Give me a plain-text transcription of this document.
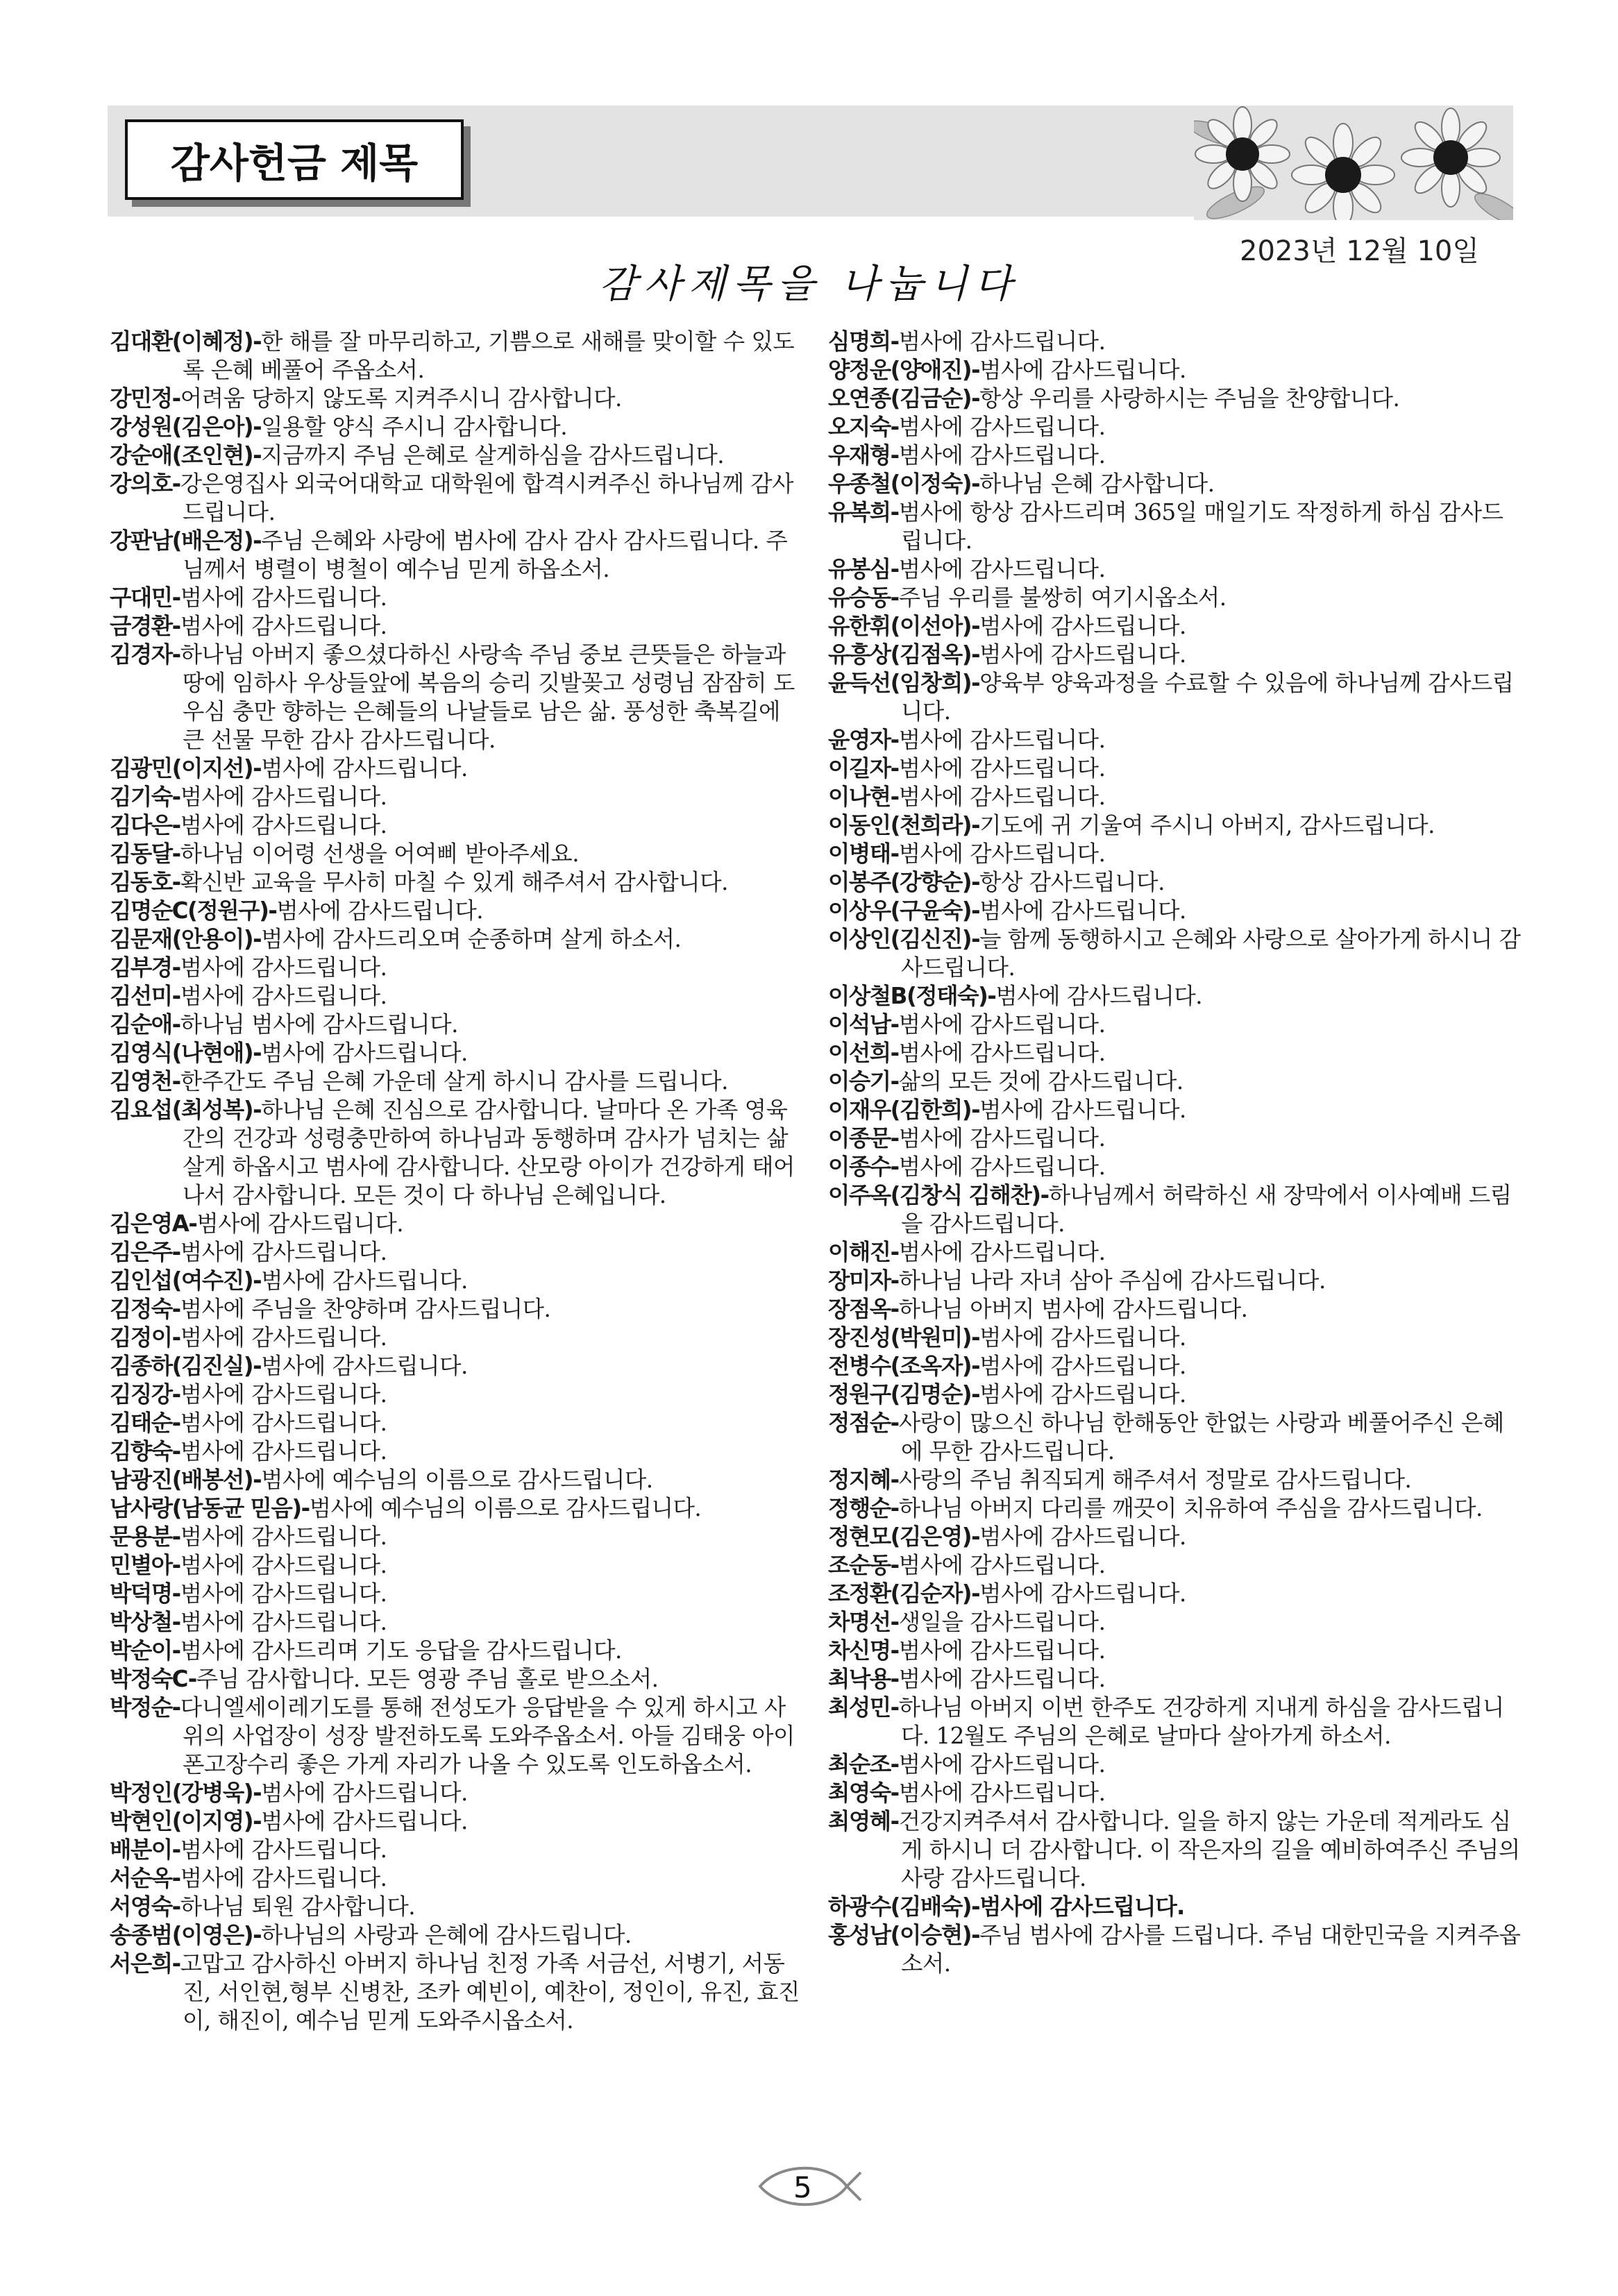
감사헌금 제목
2023년 12월 10일
감사제목을 나눕니다
김대환(이혜정)-한 해를 잘 마무리하고, 기쁨으로 새해를 맞이할 수 있도록 은혜 베풀어 주옵소서.
강민정-어려움 당하지 않도록 지켜주시니 감사합니다.
강성원(김은아)-일용할 양식 주시니 감사합니다.
강순애(조인현)-지금까지 주님 은혜로 살게하심을 감사드립니다.
강의호-강은영집사 외국어대학교 대학원에 합격시켜주신 하나님께 감사드립니다.
강판남(배은정)-주님 은혜와 사랑에 범사에 감사 감사 감사드립니다. 주님께서 병렬이 병철이 예수님 믿게 하옵소서.
구대민-범사에 감사드립니다.
금경환-범사에 감사드립니다.
김경자-하나님 아버지 좋으셨다하신 사랑속 주님 중보 큰뜻들은 하늘과 땅에 임하사 우상들앞에 복음의 승리 깃발꽂고 성령님 잠잠히 도우심 충만 향하는 은혜들의 나날들로 남은 삶. 풍성한 축복길에 큰 선물 무한 감사 감사드립니다.
김광민(이지선)-범사에 감사드립니다.
김기숙-범사에 감사드립니다.
김다은-범사에 감사드립니다.
김동달-하나님 이어령 선생을 어여삐 받아주세요.
김동호-확신반 교육을 무사히 마칠 수 있게 해주셔서 감사합니다.
김명순C(정원구)-범사에 감사드립니다.
김문재(안용이)-범사에 감사드리오며 순종하며 살게 하소서.
김부경-범사에 감사드립니다.
김선미-범사에 감사드립니다.
김순애-하나님 범사에 감사드립니다.
김영식(나현애)-범사에 감사드립니다.
김영천-한주간도 주님 은혜 가운데 살게 하시니 감사를 드립니다.
김요섭(최성복)-하나님 은혜 진심으로 감사합니다. 날마다 온 가족 영육간의 건강과 성령충만하여 하나님과 동행하며 감사가 넘치는 삶 살게 하옵시고 범사에 감사합니다. 산모랑 아이가 건강하게 태어나서 감사합니다. 모든 것이 다 하나님 은혜입니다.
김은영A-범사에 감사드립니다.
김은주-범사에 감사드립니다.
김인섭(여수진)-범사에 감사드립니다.
김정숙-범사에 주님을 찬양하며 감사드립니다.
김정이-범사에 감사드립니다.
김종하(김진실)-범사에 감사드립니다.
김징강-범사에 감사드립니다.
김태순-범사에 감사드립니다.
김향숙-범사에 감사드립니다.
남광진(배봉선)-범사에 예수님의 이름으로 감사드립니다.
남사랑(남동균 믿음)-범사에 예수님의 이름으로 감사드립니다.
문용분-범사에 감사드립니다.
민별아-범사에 감사드립니다.
박덕명-범사에 감사드립니다.
박상철-범사에 감사드립니다.
박순이-범사에 감사드리며 기도 응답을 감사드립니다.
박정숙C-주님 감사합니다. 모든 영광 주님 홀로 받으소서.
박정순-다니엘세이레기도를 통해 전성도가 응답받을 수 있게 하시고 사위의 사업장이 성장 발전하도록 도와주옵소서. 아들 김태웅 아이폰고장수리 좋은 가게 자리가 나올 수 있도록 인도하옵소서.
박정인(강병욱)-범사에 감사드립니다.
박현인(이지영)-범사에 감사드립니다.
배분이-범사에 감사드립니다.
서순옥-범사에 감사드립니다.
서영숙-하나님 퇴원 감사합니다.
송종범(이영은)-하나님의 사랑과 은혜에 감사드립니다.
서은희-고맙고 감사하신 아버지 하나님 친정 가족 서금선, 서병기, 서동진, 서인현,형부 신병찬, 조카 예빈이, 예찬이, 정인이, 유진, 효진이, 해진이, 예수님 믿게 도와주시옵소서.
심명희-범사에 감사드립니다.
양정운(양애진)-범사에 감사드립니다.
오연종(김금순)-항상 우리를 사랑하시는 주님을 찬양합니다.
오지숙-범사에 감사드립니다.
우재형-범사에 감사드립니다.
우종철(이정숙)-하나님 은혜 감사합니다.
유복희-범사에 항상 감사드리며 365일 매일기도 작정하게 하심 감사드립니다.
유봉심-범사에 감사드립니다.
유승동-주님 우리를 불쌍히 여기시옵소서.
유한휘(이선아)-범사에 감사드립니다.
유흥상(김점옥)-범사에 감사드립니다.
윤득선(임창희)-양육부 양육과정을 수료할 수 있음에 하나님께 감사드립니다.
윤영자-범사에 감사드립니다.
이길자-범사에 감사드립니다.
이나현-범사에 감사드립니다.
이동인(천희라)-기도에 귀 기울여 주시니 아버지, 감사드립니다.
이병태-범사에 감사드립니다.
이봉주(강향순)-항상 감사드립니다.
이상우(구윤숙)-범사에 감사드립니다.
이상인(김신진)-늘 함께 동행하시고 은혜와 사랑으로 살아가게 하시니 감사드립니다.
이상철B(정태숙)-범사에 감사드립니다.
이석남-범사에 감사드립니다.
이선희-범사에 감사드립니다.
이승기-삶의 모든 것에 감사드립니다.
이재우(김한희)-범사에 감사드립니다.
이종문-범사에 감사드립니다.
이종수-범사에 감사드립니다.
이주옥(김창식 김해찬)-하나님께서 허락하신 새 장막에서 이사예배 드림을 감사드립니다.
이해진-범사에 감사드립니다.
장미자-하나님 나라 자녀 삼아 주심에 감사드립니다.
장점옥-하나님 아버지 범사에 감사드립니다.
장진성(박원미)-범사에 감사드립니다.
전병수(조옥자)-범사에 감사드립니다.
정원구(김명순)-범사에 감사드립니다.
정점순-사랑이 많으신 하나님 한해동안 한없는 사랑과 베풀어주신 은혜에 무한 감사드립니다.
정지혜-사랑의 주님 취직되게 해주셔서 정말로 감사드립니다.
정행순-하나님 아버지 다리를 깨끗이 치유하여 주심을 감사드립니다.
정현모(김은영)-범사에 감사드립니다.
조순동-범사에 감사드립니다.
조정환(김순자)-범사에 감사드립니다.
차명선-생일을 감사드립니다.
차신명-범사에 감사드립니다.
최낙용-범사에 감사드립니다.
최성민-하나님 아버지 이번 한주도 건강하게 지내게 하심을 감사드립니다. 12월도 주님의 은혜로 날마다 살아가게 하소서.
최순조-범사에 감사드립니다.
최영숙-범사에 감사드립니다.
최영혜-건강지켜주셔서 감사합니다. 일을 하지 않는 가운데 적게라도 심게 하시니 더 감사합니다. 이 작은자의 길을 예비하여주신 주님의 사랑 감사드립니다.
하광수(김배숙)-범사에 감사드립니다.
홍성남(이승현)-주님 범사에 감사를 드립니다. 주님 대한민국을 지켜주옵소서.
5
